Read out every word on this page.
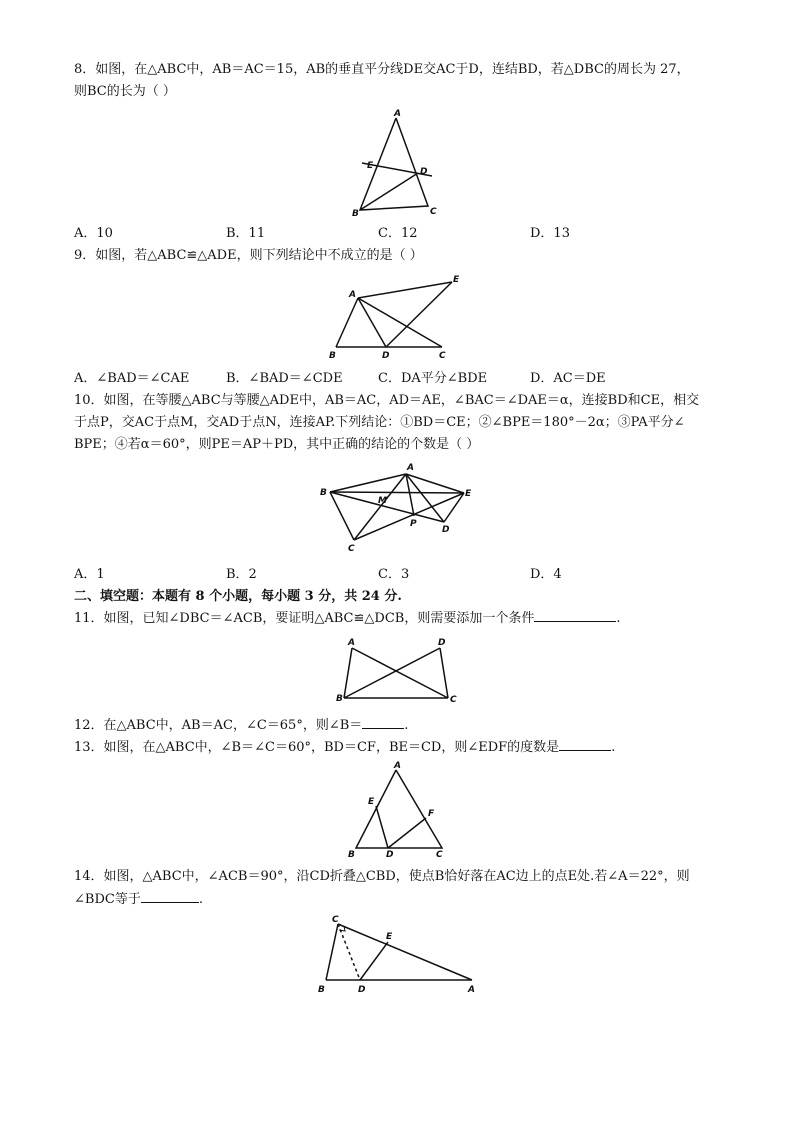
8．如图，在△ABC中，AB＝AC＝15，AB的垂直平分线DE交AC于D，连结BD，若△DBC的周长为 27，
则BC的长为（ ）
A
B	C
D
E
A．10	B．11	C．12	D．13
9．如图，若△ABC≌△ADE，则下列结论中不成立的是（ ）
A
B	D	C
E
A．∠BAD＝∠CAE	B．∠BAD＝∠CDE	C．DA平分∠BDE	D．AC＝DE
10．如图，在等腰△ABC与等腰△ADE中，AB＝AC，AD＝AE，∠BAC＝∠DAE＝α，连接BD和CE，相交
于点P，交AC于点M，交AD于点N，连接AP.下列结论：①BD＝CE；②∠BPE＝180°－2α；③PA平分∠
BPE；④若α＝60°，则PE＝AP＋PD，其中正确的结论的个数是（ ）
A
B
C
D
E
M
P
A．1	B．2	C．3	D．4
二、填空题：本题有 8 个小题，每小题 3 分，共 24 分.
11．如图，已知∠DBC＝∠ACB，要证明△ABC≌△DCB，则需要添加一个条件	.
A
B	C
D
12．在△ABC中，AB＝AC，∠C＝65°，则∠B＝	.
13．如图，在△ABC中，∠B＝∠C＝60°，BD＝CF，BE＝CD，则∠EDF的度数是	.
A
B	C
D
E
F
14．如图，△ABC中，∠ACB＝90°，沿CD折叠△CBD，使点B恰好落在AC边上的点E处.若∠A＝22°，则
∠BDC等于	.
C
B	D	A
E
